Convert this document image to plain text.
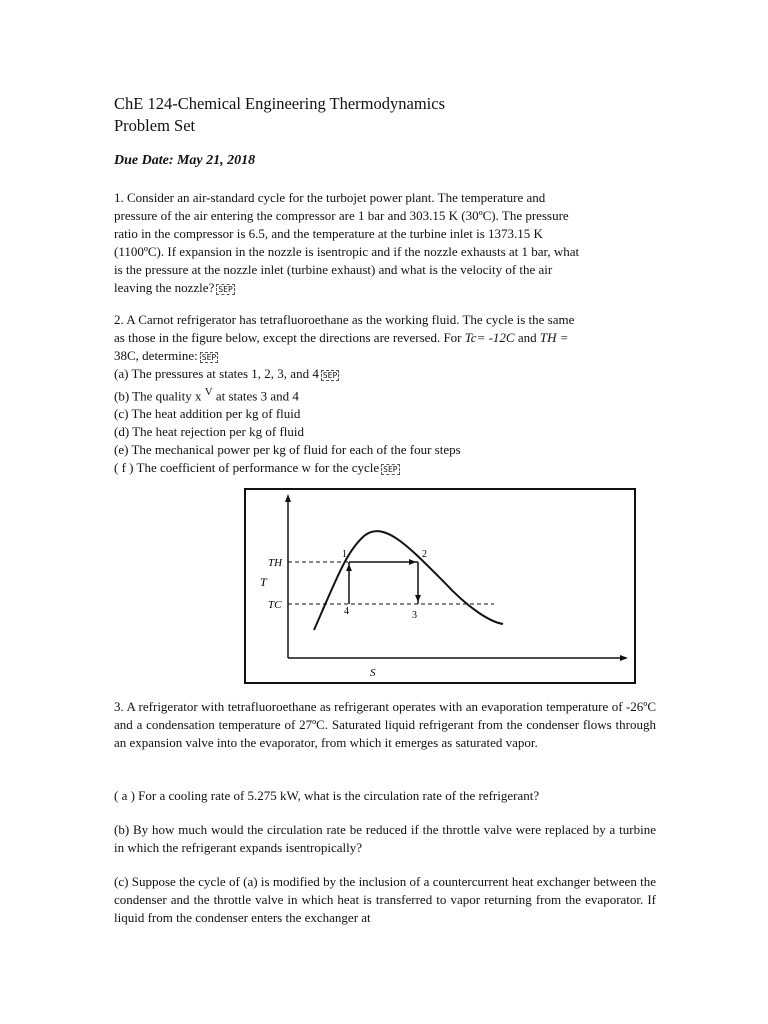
ChE 124-Chemical Engineering Thermodynamics
Problem Set
Due Date: May 21, 2018
1. Consider an air-standard cycle for the turbojet power plant. The temperature and
pressure of the air entering the compressor are 1 bar and 303.15 K (30ºC). The pressure
ratio in the compressor is 6.5, and the temperature at the turbine inlet is 1373.15 K
(1100ºC). If expansion in the nozzle is isentropic and if the nozzle exhausts at 1 bar, what
is the pressure at the nozzle inlet (turbine exhaust) and what is the velocity of the air
leaving the nozzle? SEP
2. A Carnot refrigerator has tetrafluoroethane as the working fluid. The cycle is the same
as those in the figure below, except the directions are reversed. For Tc= -12C and TH =
38C, determine: SEP
(a) The pressures at states 1, 2, 3, and 4 SEP
(b) The quality x $^V$ at states 3 and 4
(c) The heat addition per kg of fluid
(d) The heat rejection per kg of fluid
(e) The mechanical power per kg of fluid for each of the four steps
( f ) The coefficient of performance w for the cycle SEP
T
S
TH
TC
1	2
3
4
3. A refrigerator with tetrafluoroethane as refrigerant operates with an evaporation temperature of -26ºC and a condensation temperature of 27ºC. Saturated liquid refrigerant from the condenser flows through an expansion valve into the evaporator, from which it emerges as saturated vapor.
( a ) For a cooling rate of 5.275 kW, what is the circulation rate of the refrigerant?
(b) By how much would the circulation rate be reduced if the throttle valve were replaced by a turbine in which the refrigerant expands isentropically?
(c) Suppose the cycle of (a) is modified by the inclusion of a countercurrent heat exchanger between the condenser and the throttle valve in which heat is transferred to vapor returning from the evaporator. If liquid from the condenser enters the exchanger at
